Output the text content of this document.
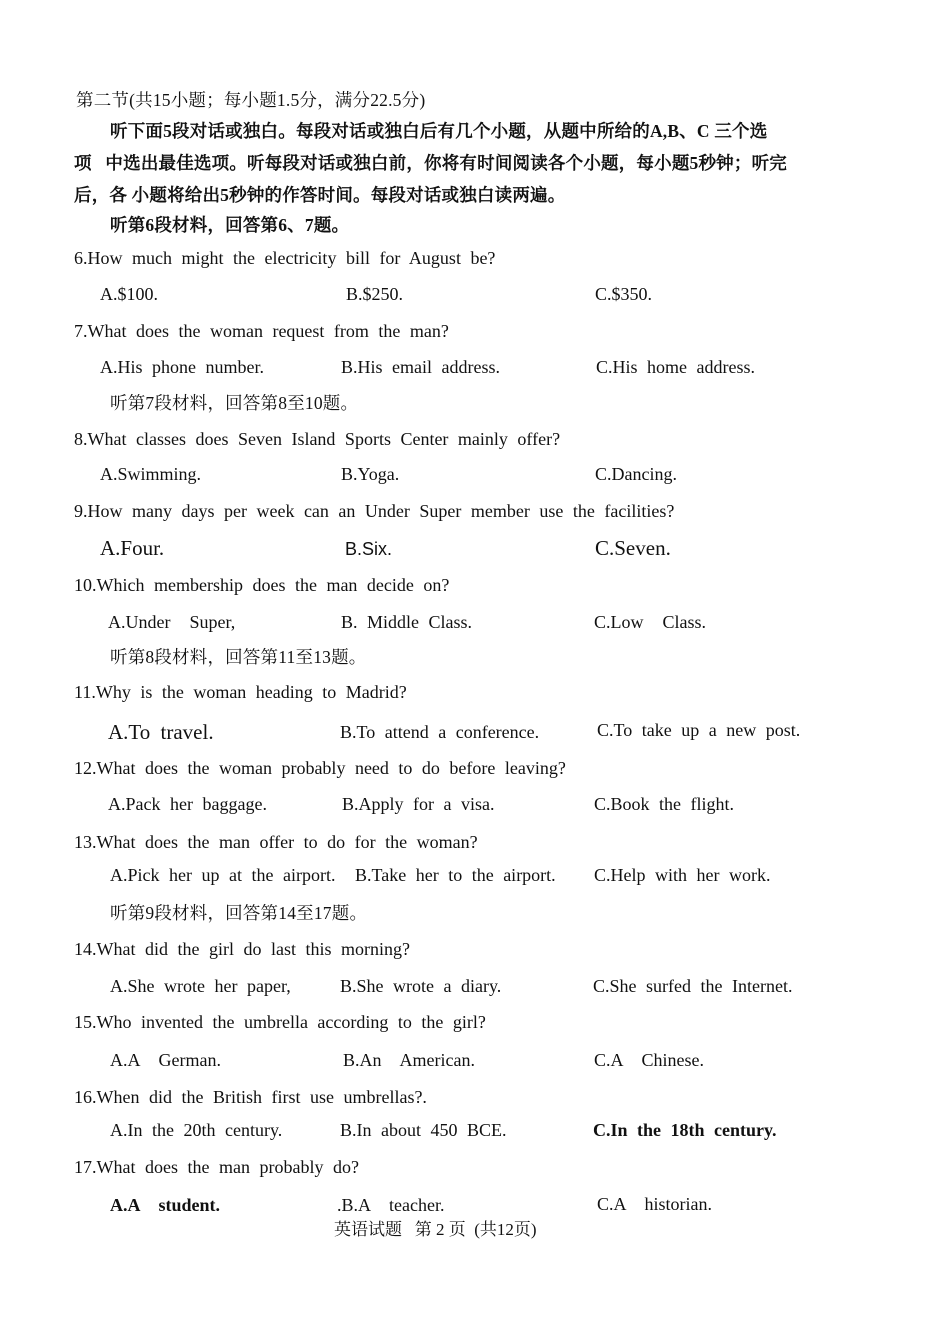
第二节(共15小题；每小题1.5分，满分22.5分)
听下面5段对话或独白。每段对话或独白后有几个小题，从题中所给的A,B、C 三个选
项   中选出最佳选项。听每段对话或独白前，你将有时间阅读各个小题，每小题5秒钟；听完
后，各 小题将给出5秒钟的作答时间。每段对话或独白读两遍。
听第6段材料，回答第6、7题。
6.How much might the electricity bill for August be?
A.$100.	B.$250.	C.$350.
7.What does the woman request from the man?
A.His phone number.	B.His email address.	C.His home address.
听第7段材料，回答第8至10题。
8.What classes does Seven Island Sports Center mainly offer?
A.Swimming.	B.Yoga.	C.Dancing.
9.How many days per week can an Under Super member use the facilities?
A.Four.	B.Six.	C.Seven.
10.Which membership does the man decide on?
A.Under  Super,	B. Middle Class.	C.Low  Class.
听第8段材料，回答第11至13题。
11.Why is the woman heading to Madrid?
A.To travel.	B.To attend a conference.	C.To take up a new post.
12.What does the woman probably need to do before leaving?
A.Pack her baggage.	B.Apply for a visa.	C.Book the flight.
13.What does the man offer to do for the woman?
A.Pick her up at the airport. B.Take her to the airport. C.Help with her work.
听第9段材料，回答第14至17题。
14.What did the girl do last this morning?
A.She wrote her paper,	B.She wrote a diary.	C.She surfed the Internet.
15.Who invented the umbrella according to the girl?
A.A  German.	B.An  American.	C.A  Chinese.
16.When did the British first use umbrellas?.
A.In the 20th century.	B.In about 450 BCE.	C.In the 18th century.
17.What does the man probably do?
A.A  student.	.B.A  teacher.	C.A  historian.
英语试题   第 2 页  (共12页)
